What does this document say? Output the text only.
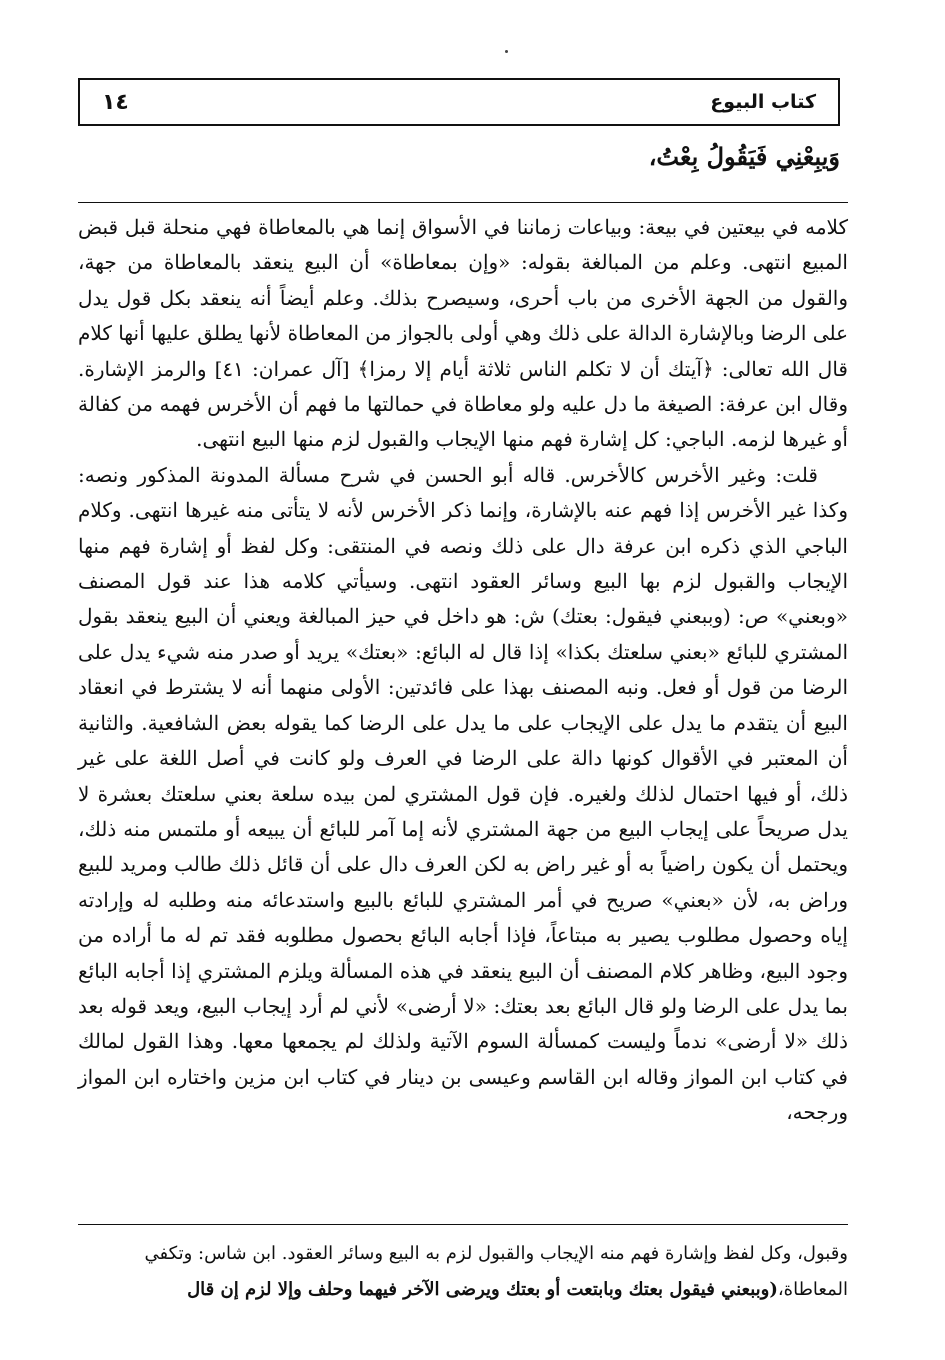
١٤	كتاب البيوع
وَيبِعْنِي فَيَقُولُ بِعْتُ،

كلامه في بيعتين في بيعة: وبياعات زماننا في الأسواق إنما هي بالمعاطاة فهي منحلة قبل قبض المبيع انتهى. وعلم من المبالغة بقوله: «وإن بمعاطاة» أن البيع ينعقد بالمعاطاة من جهة، والقول من الجهة الأخرى من باب أحرى، وسيصرح بذلك. وعلم أيضاً أنه ينعقد بكل قول يدل على الرضا وبالإشارة الدالة على ذلك وهي أولى بالجواز من المعاطاة لأنها يطلق عليها أنها كلام قال الله تعالى: ﴿آيتك أن لا تكلم الناس ثلاثة أيام إلا رمزا﴾ [آل عمران: ٤١] والرمز الإشارة. وقال ابن عرفة: الصيغة ما دل عليه ولو معاطاة في حمالتها ما فهم أن الأخرس فهمه من كفالة أو غيرها لزمه. الباجي: كل إشارة فهم منها الإيجاب والقبول لزم منها البيع انتهى.

قلت: وغير الأخرس كالأخرس. قاله أبو الحسن في شرح مسألة المدونة المذكور ونصه: وكذا غير الأخرس إذا فهم عنه بالإشارة، وإنما ذكر الأخرس لأنه لا يتأتى منه غيرها انتهى. وكلام الباجي الذي ذكره ابن عرفة دال على ذلك ونصه في المنتقى: وكل لفظ أو إشارة فهم منها الإيجاب والقبول لزم بها البيع وسائر العقود انتهى. وسيأتي كلامه هذا عند قول المصنف «وبعني» ص: (وببعني فيقول: بعتك) ش: هو داخل في حيز المبالغة ويعني أن البيع ينعقد بقول المشتري للبائع «بعني سلعتك بكذا» إذا قال له البائع: «بعتك» يريد أو صدر منه شيء يدل على الرضا من قول أو فعل. ونبه المصنف بهذا على فائدتين: الأولى منهما أنه لا يشترط في انعقاد البيع أن يتقدم ما يدل على الإيجاب على ما يدل على الرضا كما يقوله بعض الشافعية. والثانية أن المعتبر في الأقوال كونها دالة على الرضا في العرف ولو كانت في أصل اللغة على غير ذلك، أو فيها احتمال لذلك ولغيره. فإن قول المشتري لمن بيده سلعة بعني سلعتك بعشرة لا يدل صريحاً على إيجاب البيع من جهة المشتري لأنه إما آمر للبائع أن يبيعه أو ملتمس منه ذلك، ويحتمل أن يكون راضياً به أو غير راض به لكن العرف دال على أن قائل ذلك طالب ومريد للبيع وراض به، لأن «بعني» صريح في أمر المشتري للبائع بالبيع واستدعائه منه وطلبه له وإرادته إياه وحصول مطلوب يصير به مبتاعاً، فإذا أجابه البائع بحصول مطلوبه فقد تم له ما أراده من وجود البيع، وظاهر كلام المصنف أن البيع ينعقد في هذه المسألة ويلزم المشتري إذا أجابه البائع بما يدل على الرضا ولو قال البائع بعد بعتك: «لا أرضى» لأني لم أرد إيجاب البيع، ويعد قوله بعد ذلك «لا أرضى» ندماً وليست كمسألة السوم الآتية ولذلك لم يجمعها معها. وهذا القول لمالك في كتاب ابن المواز وقاله ابن القاسم وعيسى بن دينار في كتاب ابن مزين واختاره ابن المواز ورجحه،

وقبول، وكل لفظ وإشارة فهم منه الإيجاب والقبول لزم به البيع وسائر العقود. ابن شاس: وتكفي
المعاطاة،(وببعني فيقول بعتك وبابتعت أو بعتك ويرضى الآخر فيهما وحلف وإلا لزم إن قال
